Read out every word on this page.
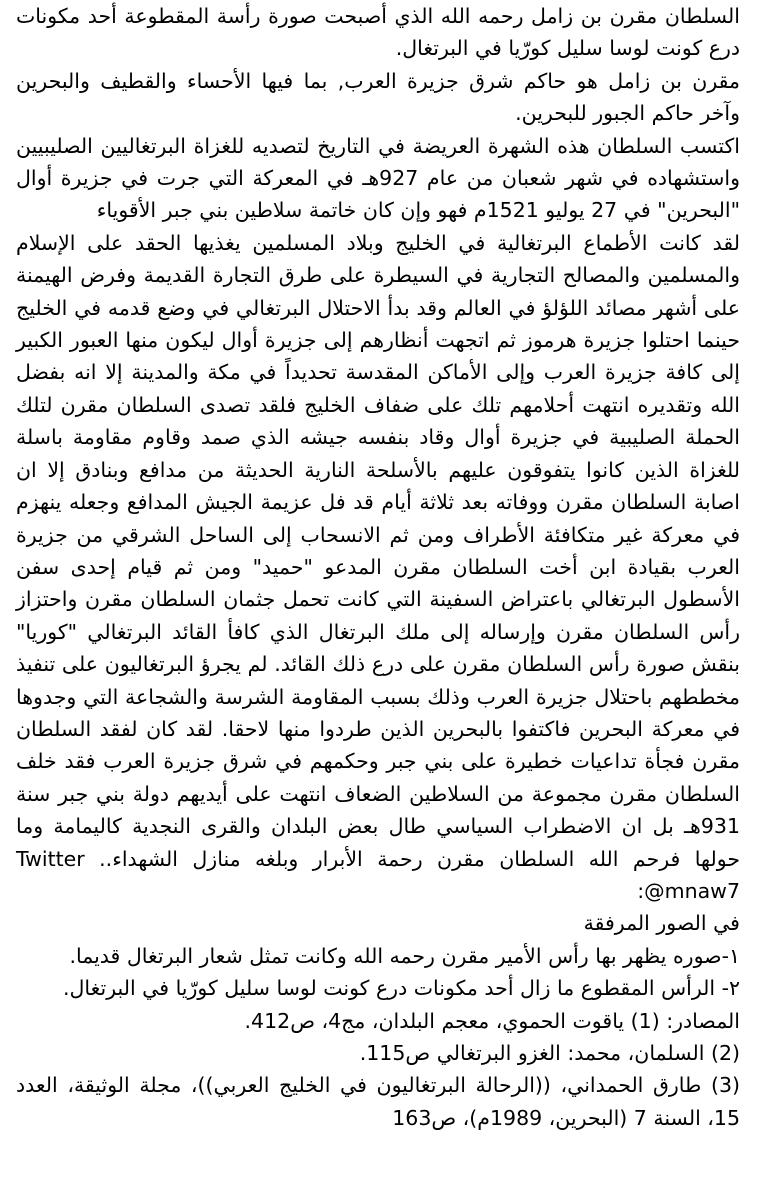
السلطان مقرن بن زامل رحمه الله الذي أصبحت صورة رأسة المقطوعة أحد مكونات درع كونت لوسا سليل كورّيا في البرتغال.

مقرن بن زامل هو حاكم شرق جزيرة العرب, بما فيها الأحساء والقطيف والبحرين وآخر حاكم الجبور للبحرين.

اكتسب السلطان هذه الشهرة العريضة في التاريخ لتصديه للغزاة البرتغاليين الصليبيين واستشهاده في شهر شعبان من عام 927هـ في المعركة التي جرت في جزيرة أوال "البحرين" في 27 يوليو 1521م فهو وإن كان خاتمة سلاطين بني جبر الأقوياء

لقد كانت الأطماع البرتغالية في الخليج وبلاد المسلمين يغذيها الحقد على الإسلام والمسلمين والمصالح التجارية في السيطرة على طرق التجارة القديمة وفرض الهيمنة على أشهر مصائد اللؤلؤ في العالم وقد بدأ الاحتلال البرتغالي في وضع قدمه في الخليج حينما احتلوا جزيرة هرموز ثم اتجهت أنظارهم إلى جزيرة أوال ليكون منها العبور الكبير إلى كافة جزيرة العرب وإلى الأماكن المقدسة تحديداً في مكة والمدينة إلا انه بفضل الله وتقديره انتهت أحلامهم تلك على ضفاف الخليج فلقد تصدى السلطان مقرن لتلك الحملة الصليبية في جزيرة أوال وقاد بنفسه جيشه الذي صمد وقاوم مقاومة باسلة للغزاة الذين كانوا يتفوقون عليهم بالأسلحة النارية الحديثة من مدافع وبنادق إلا ان اصابة السلطان مقرن ووفاته بعد ثلاثة أيام قد فل عزيمة الجيش المدافع وجعله ينهزم في معركة غير متكافئة الأطراف ومن ثم الانسحاب إلى الساحل الشرقي من جزيرة العرب بقيادة ابن أخت السلطان مقرن المدعو "حميد" ومن ثم قيام إحدى سفن الأسطول البرتغالي باعتراض السفينة التي كانت تحمل جثمان السلطان مقرن واحتزاز رأس السلطان مقرن وإرساله إلى ملك البرتغال الذي كافأ القائد البرتغالي "كوريا" بنقش صورة رأس السلطان مقرن على درع ذلك القائد. لم يجرؤ البرتغاليون على تنفيذ مخططهم باحتلال جزيرة العرب وذلك بسبب المقاومة الشرسة والشجاعة التي وجدوها في معركة البحرين فاكتفوا بالبحرين الذين طردوا منها لاحقا. لقد كان لفقد السلطان مقرن فجأة تداعيات خطيرة على بني جبر وحكمهم في شرق جزيرة العرب فقد خلف السلطان مقرن مجموعة من السلاطين الضعاف انتهت على أيديهم دولة بني جبر سنة 931هـ بل ان الاضطراب السياسي طال بعض البلدان والقرى النجدية كاليمامة وما حولها فرحم الله السلطان مقرن رحمة الأبرار وبلغه منازل الشهداء.. Twitter :@mnaw7

في الصور المرفقة

١-صوره يظهر بها رأس الأمير مقرن رحمه الله وكانت تمثل شعار البرتغال قديما.

٢- الرأس المقطوع ما زال أحد مكونات درع كونت لوسا سليل كورّيا في البرتغال.

المصادر: (1) ياقوت الحموي، معجم البلدان، مج4، ص412.

(2) السلمان، محمد: الغزو البرتغالي ص115.

(3) طارق الحمداني، ((الرحالة البرتغاليون في الخليج العربي))، مجلة الوثيقة، العدد 15، السنة 7 (البحرين، 1989م)، ص163
